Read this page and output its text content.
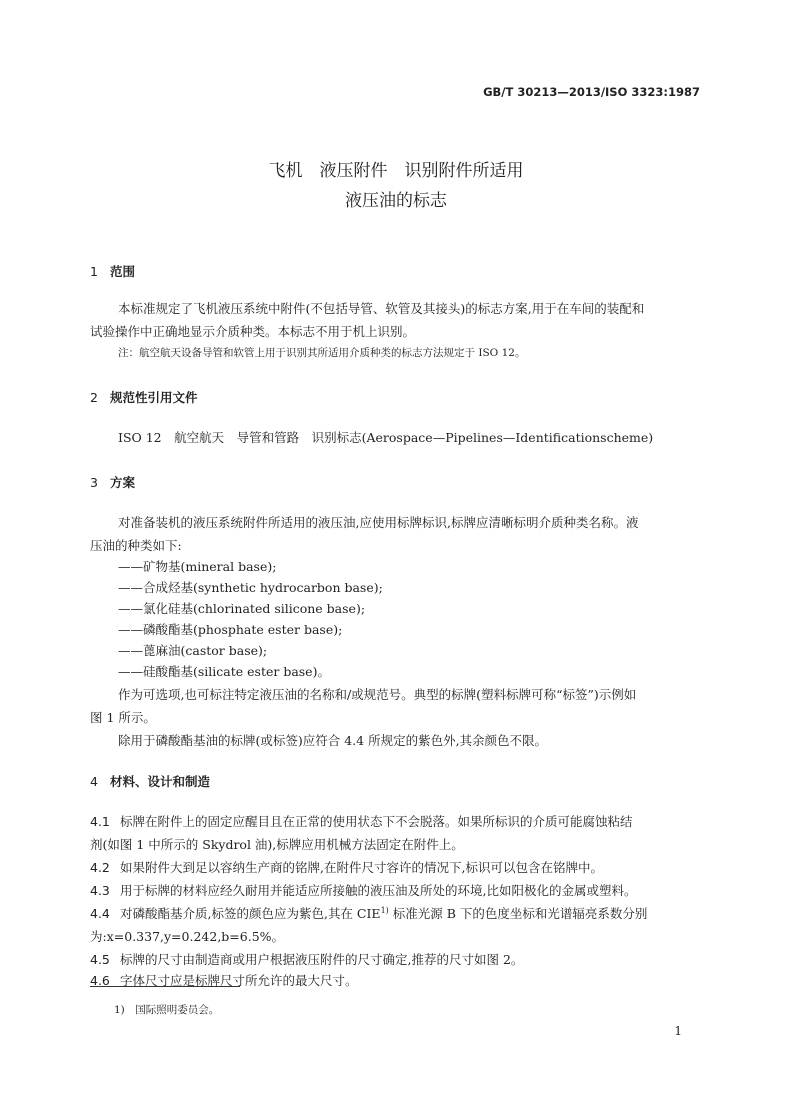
GB/T 30213—2013/ISO 3323:1987
飞机　液压附件　识别附件所适用
液压油的标志
1 范围
本标准规定了飞机液压系统中附件(不包括导管、软管及其接头)的标志方案,用于在车间的装配和
试验操作中正确地显示介质种类。本标志不用于机上识别。
注：航空航天设备导管和软管上用于识别其所适用介质种类的标志方法规定于 ISO 12。
2 规范性引用文件
ISO 12　航空航天　导管和管路　识别标志(Aerospace—Pipelines—Identificationscheme)
3 方案
对准备装机的液压系统附件所适用的液压油,应使用标牌标识,标牌应清晰标明介质种类名称。液
压油的种类如下:
——矿物基(mineral base);
——合成烃基(synthetic hydrocarbon base);
——氯化硅基(chlorinated silicone base);
——磷酸酯基(phosphate ester base);
——蓖麻油(castor base);
——硅酸酯基(silicate ester base)。
作为可选项,也可标注特定液压油的名称和/或规范号。典型的标牌(塑料标牌可称“标签”)示例如
图 1 所示。
除用于磷酸酯基油的标牌(或标签)应符合 4.4 所规定的紫色外,其余颜色不限。
4 材料、设计和制造
4.1 标牌在附件上的固定应醒目且在正常的使用状态下不会脱落。如果所标识的介质可能腐蚀粘结
剂(如图 1 中所示的 Skydrol 油),标牌应用机械方法固定在附件上。
4.2 如果附件大到足以容纳生产商的铭牌,在附件尺寸容许的情况下,标识可以包含在铭牌中。
4.3 用于标牌的材料应经久耐用并能适应所接触的液压油及所处的环境,比如阳极化的金属或塑料。
4.4 对磷酸酯基介质,标签的颜色应为紫色,其在 CIE$^{1)}$ 标准光源 B 下的色度坐标和光谱辐亮系数分别
为:x=0.337,y=0.242,b=6.5%。
4.5 标牌的尺寸由制造商或用户根据液压附件的尺寸确定,推荐的尺寸如图 2。
4.6 字体尺寸应是标牌尺寸所允许的最大尺寸。
1)　国际照明委员会。
1
